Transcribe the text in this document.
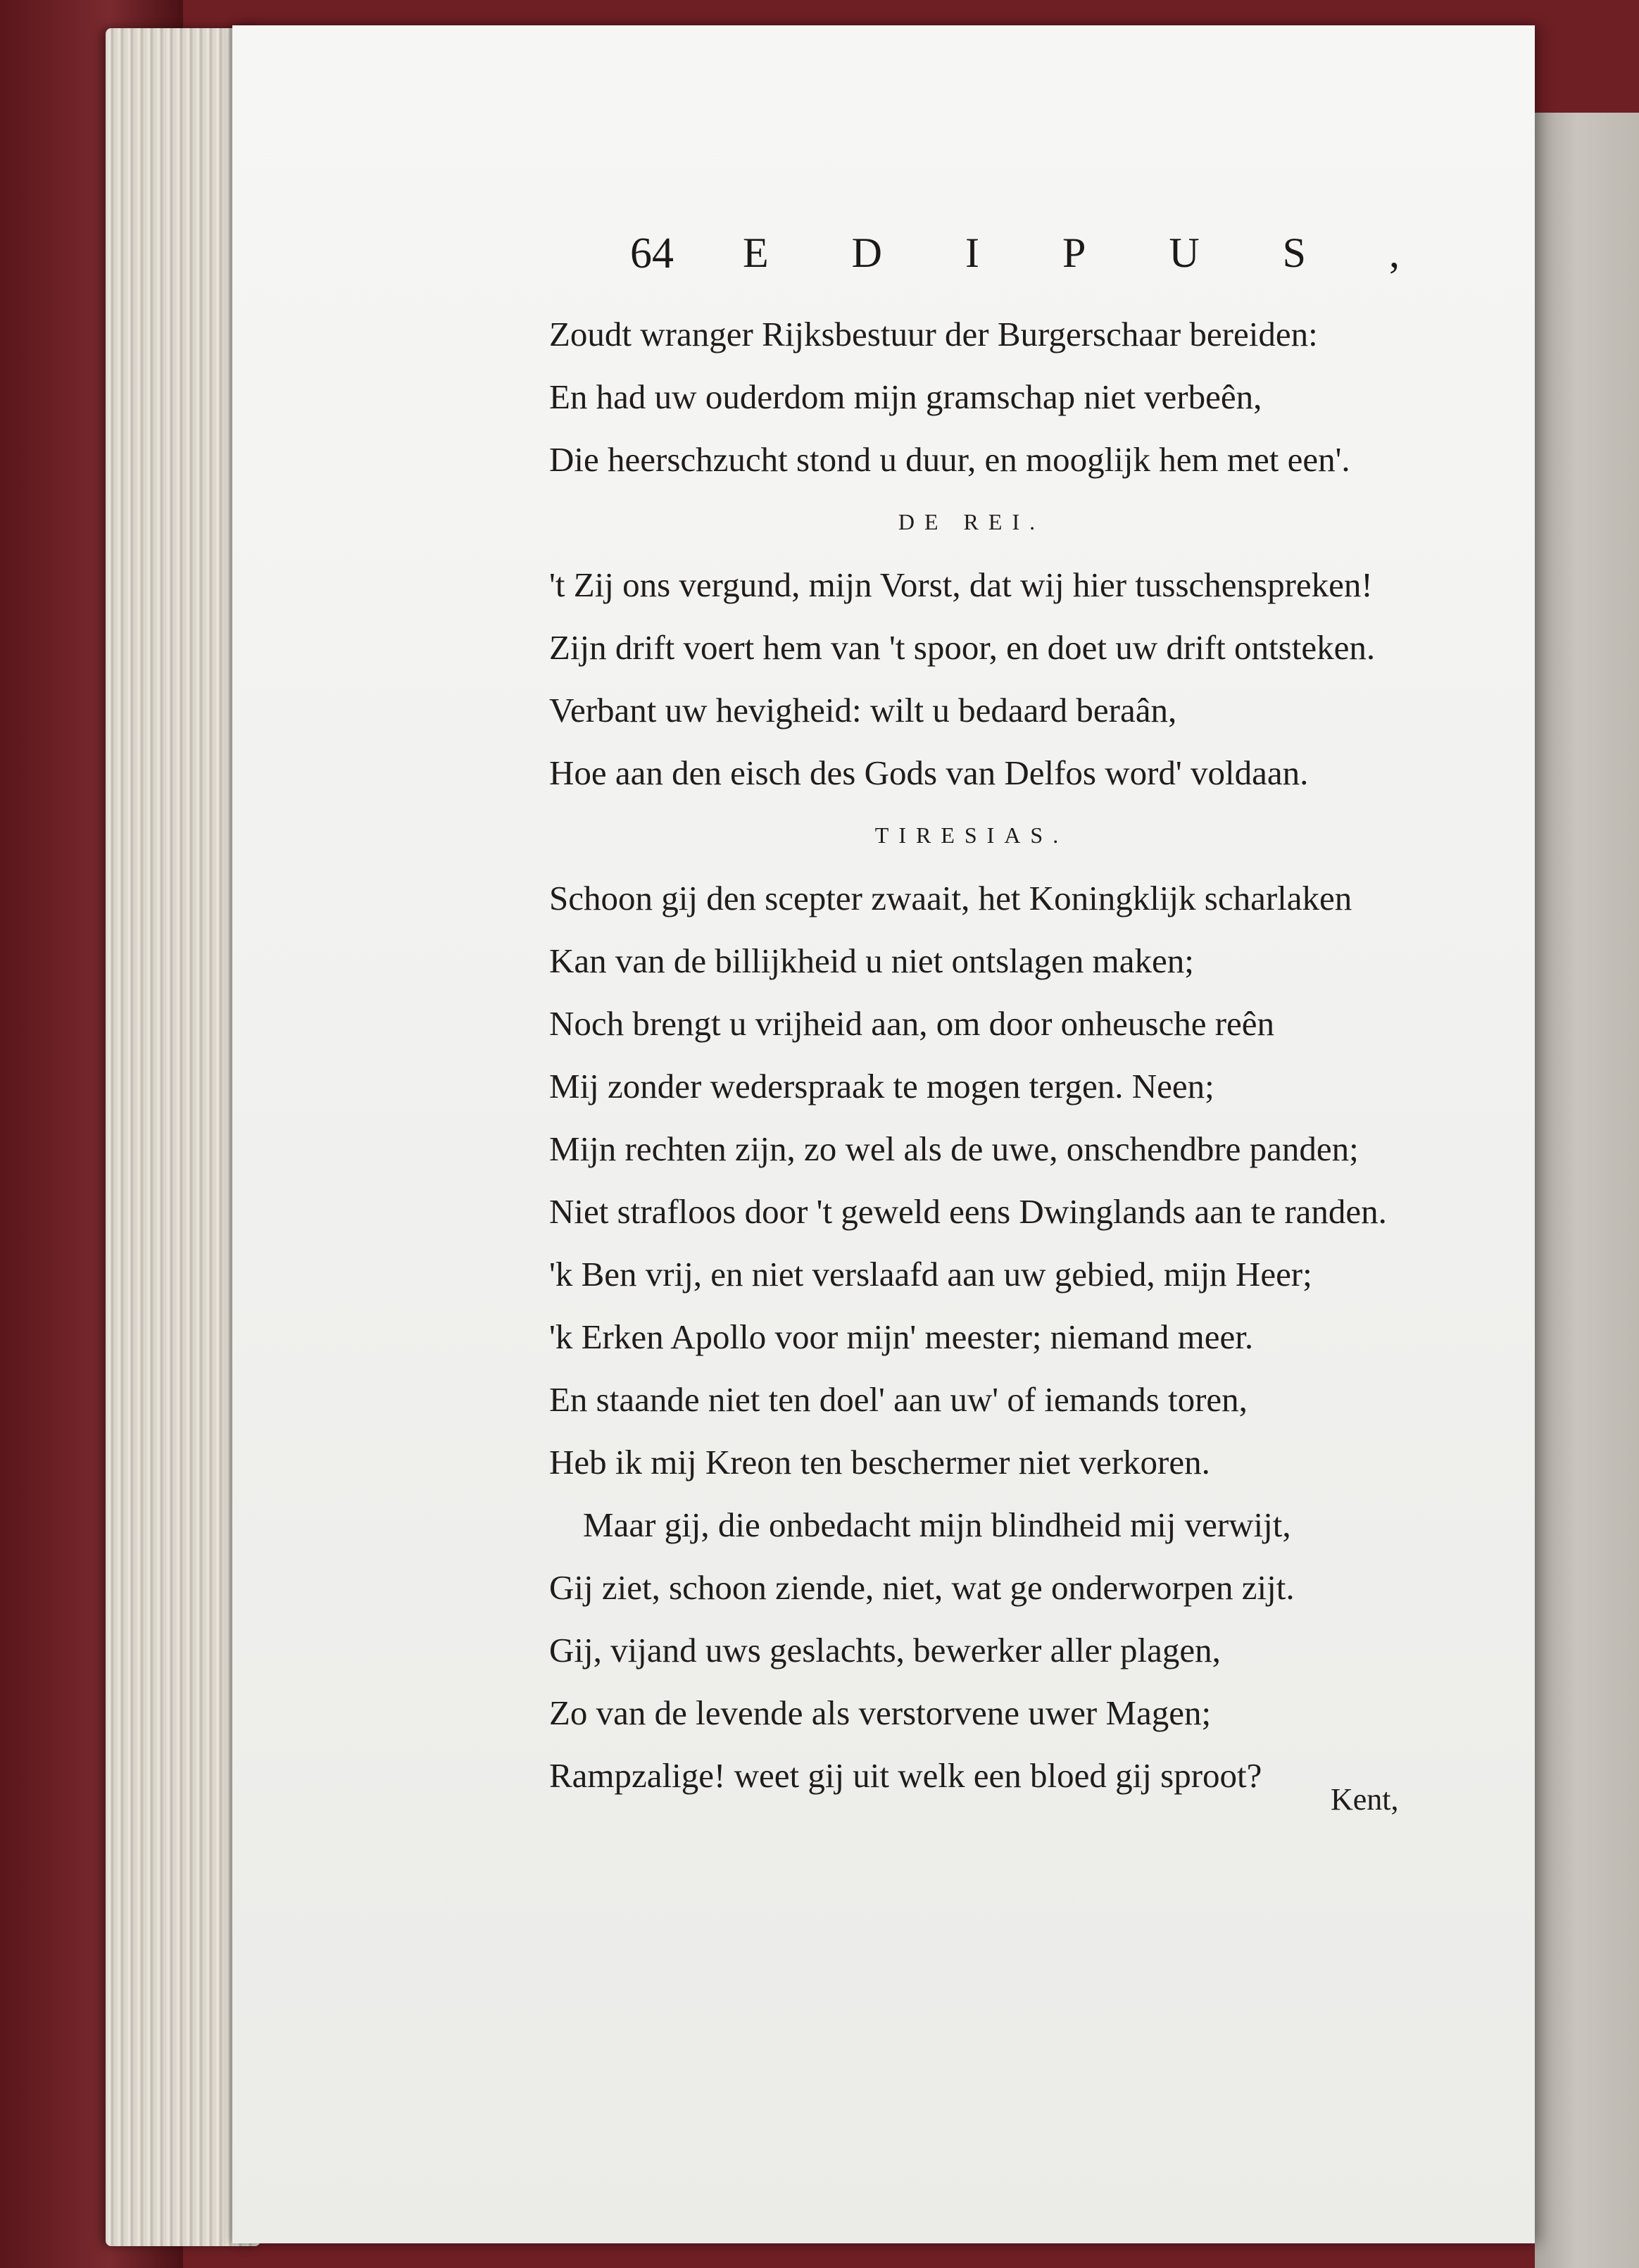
64 EDIPUS,
Zoudt wranger Rijksbestuur der Burgerschaar bereiden:
En had uw ouderdom mijn gramschap niet verbeên,
Die heerschzucht stond u duur, en mooglijk hem met een'.
DE REI.
't Zij ons vergund, mijn Vorst, dat wij hier tusschenspreken!
Zijn drift voert hem van 't spoor, en doet uw drift ontsteken.
Verbant uw hevigheid: wilt u bedaard beraân,
Hoe aan den eisch des Gods van Delfos word' voldaan.
TIRESIAS.
Schoon gij den scepter zwaait, het Koningklijk scharlaken
Kan van de billijkheid u niet ontslagen maken;
Noch brengt u vrijheid aan, om door onheusche reên
Mij zonder wederspraak te mogen tergen. Neen;
Mijn rechten zijn, zo wel als de uwe, onschendbre panden;
Niet strafloos door 't geweld eens Dwinglands aan te randen.
'k Ben vrij, en niet verslaafd aan uw gebied, mijn Heer;
'k Erken Apollo voor mijn' meester; niemand meer.
En staande niet ten doel' aan uw' of iemands toren,
Heb ik mij Kreon ten beschermer niet verkoren.
Maar gij, die onbedacht mijn blindheid mij verwijt,
Gij ziet, schoon ziende, niet, wat ge onderworpen zijt.
Gij, vijand uws geslachts, bewerker aller plagen,
Zo van de levende als verstorvene uwer Magen;
Rampzalige! weet gij uit welk een bloed gij sproot?
Kent,
